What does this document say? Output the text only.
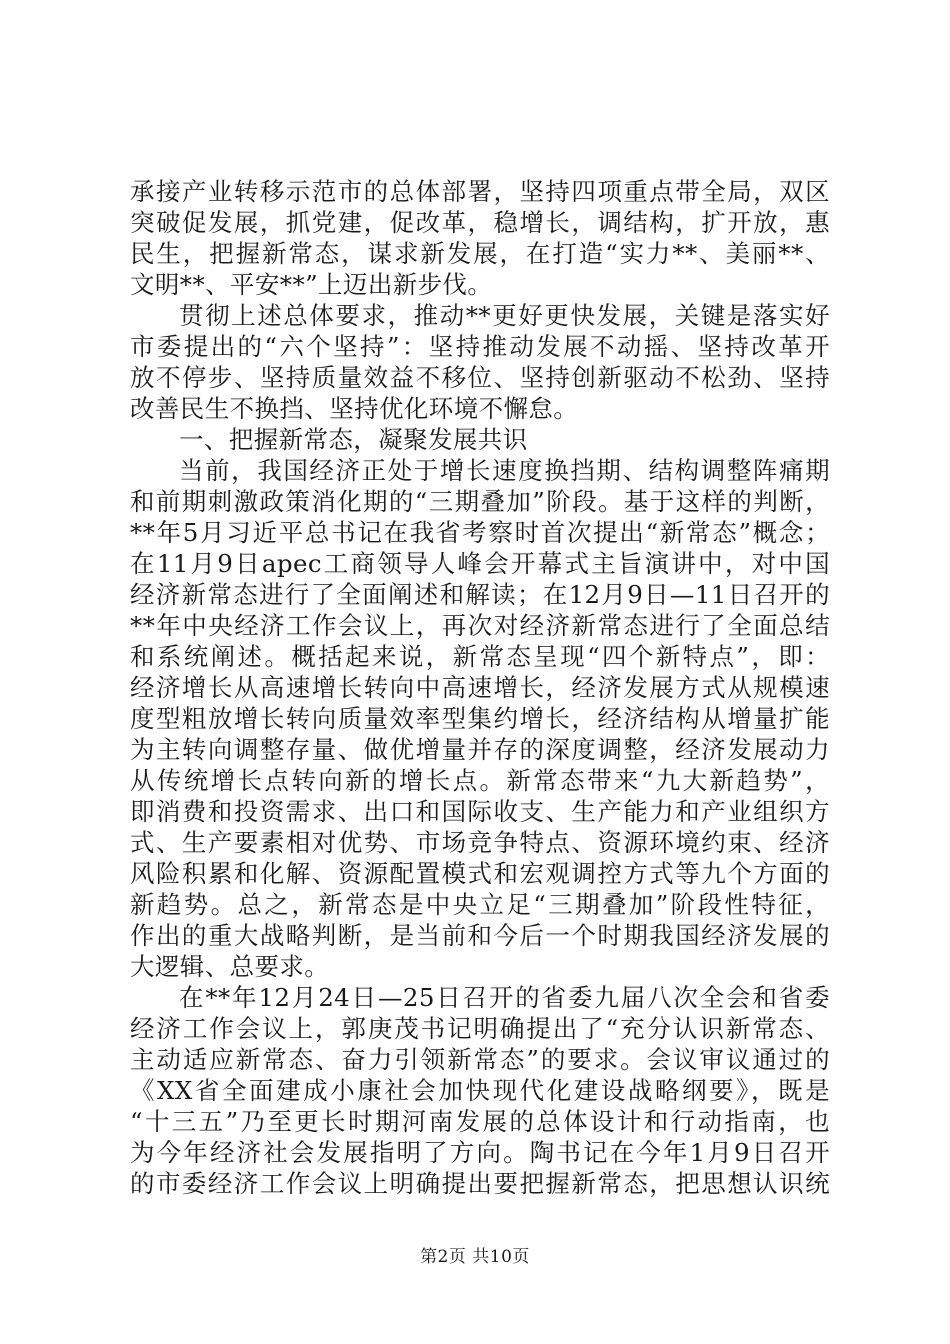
承接产业转移示范市的总体部署，坚持四项重点带全局，双区
突破促发展，抓党建，促改革，稳增长，调结构，扩开放，惠
民生，把握新常态，谋求新发展，在打造“实力**、美丽**、
文明**、平安**”上迈出新步伐。
贯彻上述总体要求，推动**更好更快发展，关键是落实好
市委提出的“六个坚持”：坚持推动发展不动摇、坚持改革开
放不停步、坚持质量效益不移位、坚持创新驱动不松劲、坚持
改善民生不换挡、坚持优化环境不懈怠。
一、把握新常态，凝聚发展共识
当前，我国经济正处于增长速度换挡期、结构调整阵痛期
和前期刺激政策消化期的“三期叠加”阶段。基于这样的判断，
**年5月习近平总书记在我省考察时首次提出“新常态”概念；
在11月9日apec工商领导人峰会开幕式主旨演讲中，对中国
经济新常态进行了全面阐述和解读；在12月9日—11日召开的
**年中央经济工作会议上，再次对经济新常态进行了全面总结
和系统阐述。概括起来说，新常态呈现“四个新特点”，即：
经济增长从高速增长转向中高速增长，经济发展方式从规模速
度型粗放增长转向质量效率型集约增长，经济结构从增量扩能
为主转向调整存量、做优增量并存的深度调整，经济发展动力
从传统增长点转向新的增长点。新常态带来“九大新趋势”，
即消费和投资需求、出口和国际收支、生产能力和产业组织方
式、生产要素相对优势、市场竞争特点、资源环境约束、经济
风险积累和化解、资源配置模式和宏观调控方式等九个方面的
新趋势。总之，新常态是中央立足“三期叠加”阶段性特征，
作出的重大战略判断，是当前和今后一个时期我国经济发展的
大逻辑、总要求。
在**年12月24日—25日召开的省委九届八次全会和省委
经济工作会议上，郭庚茂书记明确提出了“充分认识新常态、
主动适应新常态、奋力引领新常态”的要求。会议审议通过的
《XX省全面建成小康社会加快现代化建设战略纲要》，既是
“十三五”乃至更长时期河南发展的总体设计和行动指南，也
为今年经济社会发展指明了方向。陶书记在今年1月9日召开
的市委经济工作会议上明确提出要把握新常态，把思想认识统
第2页 共10页
